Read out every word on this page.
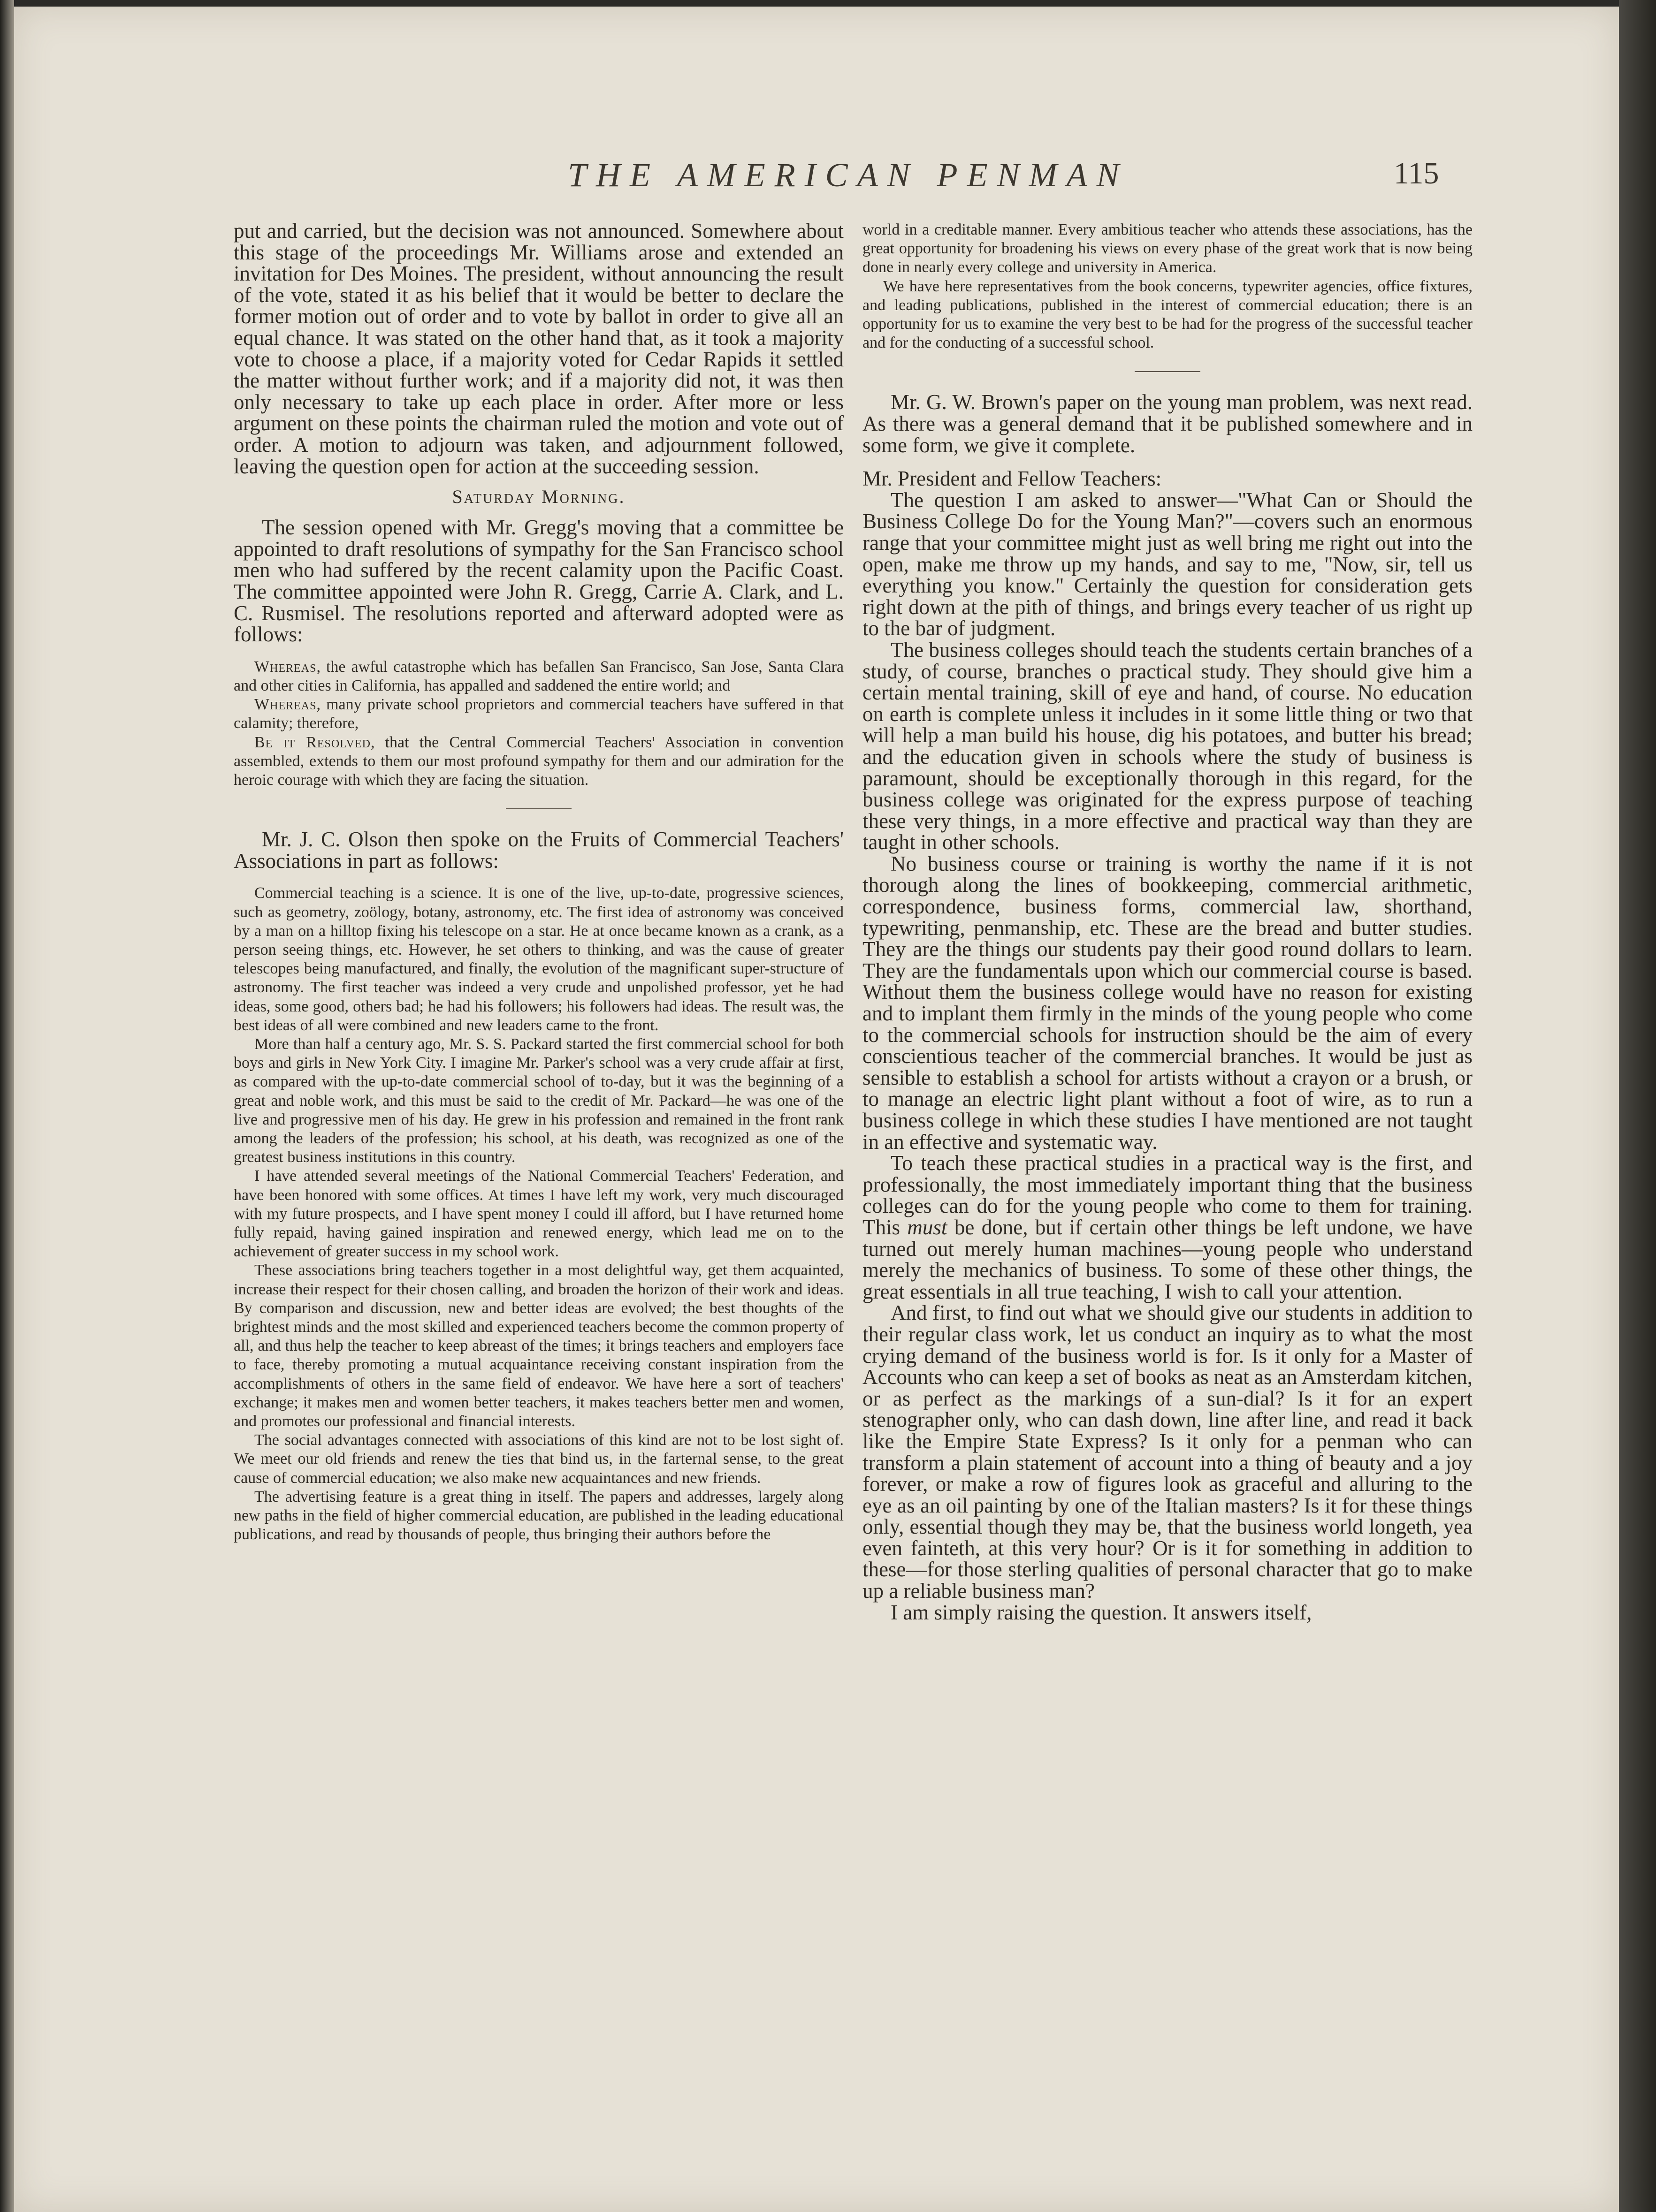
THE AMERICAN PENMAN	115

put and carried, but the decision was not announced. Somewhere about this stage of the proceedings Mr. Williams arose and extended an invitation for Des Moines. The president, without announcing the result of the vote, stated it as his belief that it would be better to declare the former motion out of order and to vote by ballot in order to give all an equal chance. It was stated on the other hand that, as it took a majority vote to choose a place, if a majority voted for Cedar Rapids it settled the matter without further work; and if a majority did not, it was then only necessary to take up each place in order. After more or less argument on these points the chairman ruled the motion and vote out of order. A motion to adjourn was taken, and adjournment followed, leaving the question open for action at the succeeding session.

Saturday Morning.

The session opened with Mr. Gregg's moving that a committee be appointed to draft resolutions of sympathy for the San Francisco school men who had suffered by the recent calamity upon the Pacific Coast. The committee appointed were John R. Gregg, Carrie A. Clark, and L. C. Rusmisel. The resolutions reported and afterward adopted were as follows:

Whereas, the awful catastrophe which has befallen San Francisco, San Jose, Santa Clara and other cities in California, has appalled and saddened the entire world; and

Whereas, many private school proprietors and commercial teachers have suffered in that calamity; therefore,

Be it Resolved, that the Central Commercial Teachers' Association in convention assembled, extends to them our most profound sympathy for them and our admiration for the heroic courage with which they are facing the situation.

Mr. J. C. Olson then spoke on the Fruits of Commercial Teachers' Associations in part as follows:

Commercial teaching is a science. It is one of the live, up-to-date, progressive sciences, such as geometry, zoölogy, botany, astronomy, etc. The first idea of astronomy was conceived by a man on a hilltop fixing his telescope on a star. He at once became known as a crank, as a person seeing things, etc. However, he set others to thinking, and was the cause of greater telescopes being manufactured, and finally, the evolution of the magnificant super-structure of astronomy. The first teacher was indeed a very crude and unpolished professor, yet he had ideas, some good, others bad; he had his followers; his followers had ideas. The result was, the best ideas of all were combined and new leaders came to the front.

More than half a century ago, Mr. S. S. Packard started the first commercial school for both boys and girls in New York City. I imagine Mr. Parker's school was a very crude affair at first, as compared with the up-to-date commercial school of to-day, but it was the beginning of a great and noble work, and this must be said to the credit of Mr. Packard—he was one of the live and progressive men of his day. He grew in his profession and remained in the front rank among the leaders of the profession; his school, at his death, was recognized as one of the greatest business institutions in this country.

I have attended several meetings of the National Commercial Teachers' Federation, and have been honored with some offices. At times I have left my work, very much discouraged with my future prospects, and I have spent money I could ill afford, but I have returned home fully repaid, having gained inspiration and renewed energy, which lead me on to the achievement of greater success in my school work.

These associations bring teachers together in a most delightful way, get them acquainted, increase their respect for their chosen calling, and broaden the horizon of their work and ideas. By comparison and discussion, new and better ideas are evolved; the best thoughts of the brightest minds and the most skilled and experienced teachers become the common property of all, and thus help the teacher to keep abreast of the times; it brings teachers and employers face to face, thereby promoting a mutual acquaintance receiving constant inspiration from the accomplishments of others in the same field of endeavor. We have here a sort of teachers' exchange; it makes men and women better teachers, it makes teachers better men and women, and promotes our professional and financial interests.

The social advantages connected with associations of this kind are not to be lost sight of. We meet our old friends and renew the ties that bind us, in the farternal sense, to the great cause of commercial education; we also make new acquaintances and new friends.

The advertising feature is a great thing in itself. The papers and addresses, largely along new paths in the field of higher commercial education, are published in the leading educational publications, and read by thousands of people, thus bringing their authors before the

world in a creditable manner. Every ambitious teacher who attends these associations, has the great opportunity for broadening his views on every phase of the great work that is now being done in nearly every college and university in America.

We have here representatives from the book concerns, typewriter agencies, office fixtures, and leading publications, published in the interest of commercial education; there is an opportunity for us to examine the very best to be had for the progress of the successful teacher and for the conducting of a successful school.

Mr. G. W. Brown's paper on the young man problem, was next read. As there was a general demand that it be published somewhere and in some form, we give it complete.

Mr. President and Fellow Teachers:

The question I am asked to answer—"What Can or Should the Business College Do for the Young Man?"—covers such an enormous range that your committee might just as well bring me right out into the open, make me throw up my hands, and say to me, "Now, sir, tell us everything you know." Certainly the question for consideration gets right down at the pith of things, and brings every teacher of us right up to the bar of judgment.

The business colleges should teach the students certain branches of a study, of course, branches o practical study. They should give him a certain mental training, skill of eye and hand, of course. No education on earth is complete unless it includes in it some little thing or two that will help a man build his house, dig his potatoes, and butter his bread; and the education given in schools where the study of business is paramount, should be exceptionally thorough in this regard, for the business college was originated for the express purpose of teaching these very things, in a more effective and practical way than they are taught in other schools.

No business course or training is worthy the name if it is not thorough along the lines of bookkeeping, commercial arithmetic, correspondence, business forms, commercial law, shorthand, typewriting, penmanship, etc. These are the bread and butter studies. They are the things our students pay their good round dollars to learn. They are the fundamentals upon which our commercial course is based. Without them the business college would have no reason for existing and to implant them firmly in the minds of the young people who come to the commercial schools for instruction should be the aim of every conscientious teacher of the commercial branches. It would be just as sensible to establish a school for artists without a crayon or a brush, or to manage an electric light plant without a foot of wire, as to run a business college in which these studies I have mentioned are not taught in an effective and systematic way.

To teach these practical studies in a practical way is the first, and professionally, the most immediately important thing that the business colleges can do for the young people who come to them for training. This must be done, but if certain other things be left undone, we have turned out merely human machines—young people who understand merely the mechanics of business. To some of these other things, the great essentials in all true teaching, I wish to call your attention.

And first, to find out what we should give our students in addition to their regular class work, let us conduct an inquiry as to what the most crying demand of the business world is for. Is it only for a Master of Accounts who can keep a set of books as neat as an Amsterdam kitchen, or as perfect as the markings of a sun-dial? Is it for an expert stenographer only, who can dash down, line after line, and read it back like the Empire State Express? Is it only for a penman who can transform a plain statement of account into a thing of beauty and a joy forever, or make a row of figures look as graceful and alluring to the eye as an oil painting by one of the Italian masters? Is it for these things only, essential though they may be, that the business world longeth, yea even fainteth, at this very hour? Or is it for something in addition to these—for those sterling qualities of personal character that go to make up a reliable business man?

I am simply raising the question. It answers itself,
